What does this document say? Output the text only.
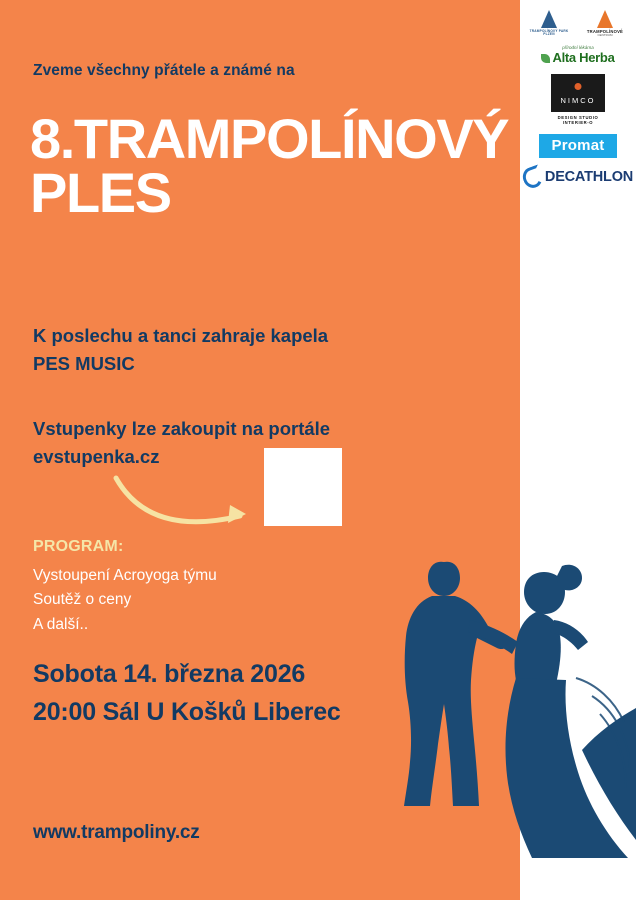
TRAMPOLÍNOVÝ PARK PLZEŇ
TRAMPOLÍNOVÉ
CENTRUM
přírodní lékárna
Alta Herba
NIMCO
DESIGN STUDIO INTERIER-O
Promat
DECATHLON
Zveme všechny přátele a známé na
8.TRAMPOLÍNOVÝ
PLES
K poslechu a tanci zahraje kapela
PES MUSIC
Vstupenky lze zakoupit na portále
evstupenka.cz
PROGRAM:
Vystoupení Acroyoga týmu
Soutěž o ceny
A další..
Sobota 14. března 2026
20:00 Sál U Košků Liberec
www.trampoliny.cz
